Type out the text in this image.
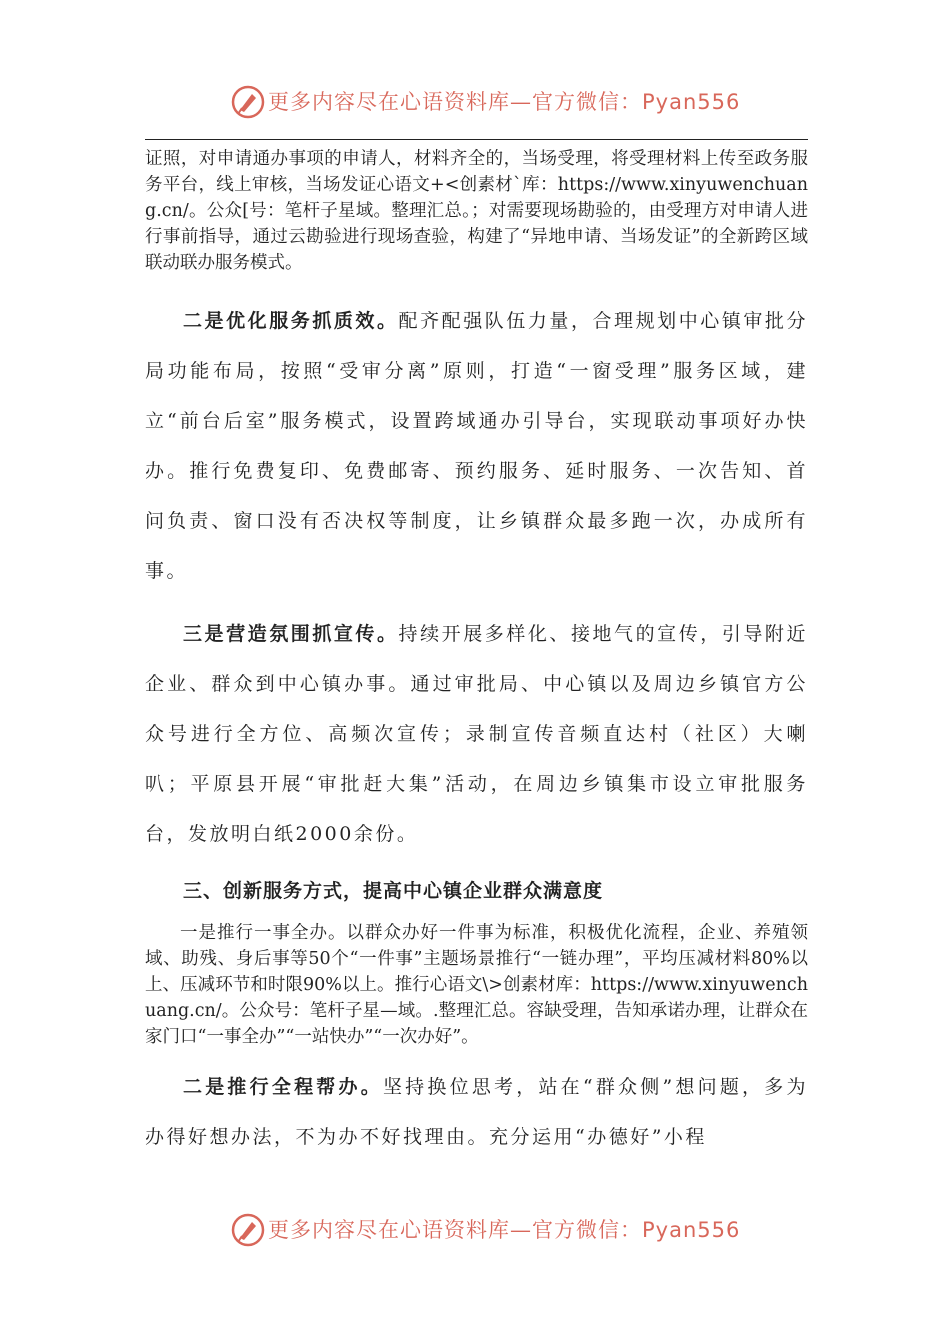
更多内容尽在心语资料库—官方微信：Pyan556

证照，对申请通办事项的申请人，材料齐全的，当场受理，将受理材料上传至政务服务平台，线上审核，当场发证心语文+<创素材`库：https://www.xinyuwenchuang.cn/。公众[号：笔杆子星域。整理汇总。；对需要现场勘验的，由受理方对申请人进行事前指导，通过云勘验进行现场查验，构建了“异地申请、当场发证”的全新跨区域联动联办服务模式。

二是优化服务抓质效。配齐配强队伍力量，合理规划中心镇审批分局功能布局，按照“受审分离”原则，打造“一窗受理”服务区域，建立“前台后室”服务模式，设置跨域通办引导台，实现联动事项好办快办。推行免费复印、免费邮寄、预约服务、延时服务、一次告知、首问负责、窗口没有否决权等制度，让乡镇群众最多跑一次，办成所有事。

三是营造氛围抓宣传。持续开展多样化、接地气的宣传，引导附近企业、群众到中心镇办事。通过审批局、中心镇以及周边乡镇官方公众号进行全方位、高频次宣传；录制宣传音频直达村（社区）大喇叭；平原县开展“审批赶大集”活动，在周边乡镇集市设立审批服务台，发放明白纸2000余份。

三、创新服务方式，提高中心镇企业群众满意度

一是推行一事全办。以群众办好一件事为标准，积极优化流程，企业、养殖领域、助残、身后事等50个“一件事”主题场景推行“一链办理”，平均压减材料80%以上、压减环节和时限90%以上。推行心语文\>创素材库：https://www.xinyuwenchuang.cn/。公众号：笔杆子星—域。.整理汇总。容缺受理，告知承诺办理，让群众在家门口“一事全办”“一站快办”“一次办好”。

二是推行全程帮办。坚持换位思考，站在“群众侧”想问题，多为办得好想办法，不为办不好找理由。充分运用“办德好”小程

更多内容尽在心语资料库—官方微信：Pyan556
